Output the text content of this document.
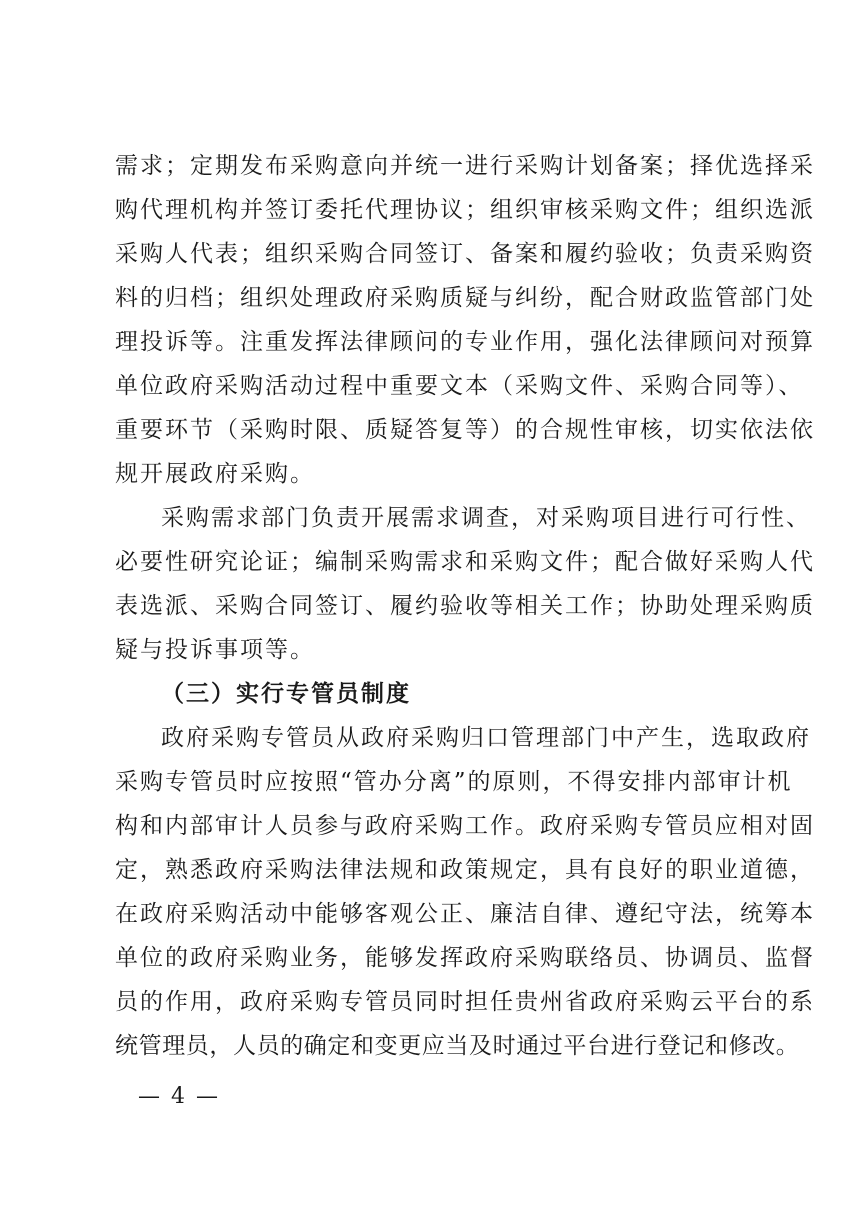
需求；定期发布采购意向并统一进行采购计划备案；择优选择采
购代理机构并签订委托代理协议；组织审核采购文件；组织选派
采购人代表；组织采购合同签订、备案和履约验收；负责采购资
料的归档；组织处理政府采购质疑与纠纷，配合财政监管部门处
理投诉等。注重发挥法律顾问的专业作用，强化法律顾问对预算
单位政府采购活动过程中重要文本（采购文件、采购合同等）、
重要环节（采购时限、质疑答复等）的合规性审核，切实依法依
规开展政府采购。
采购需求部门负责开展需求调查，对采购项目进行可行性、
必要性研究论证；编制采购需求和采购文件；配合做好采购人代
表选派、采购合同签订、履约验收等相关工作；协助处理采购质
疑与投诉事项等。
（三）实行专管员制度
政府采购专管员从政府采购归口管理部门中产生，选取政府
采购专管员时应按照“管办分离”的原则，不得安排内部审计机
构和内部审计人员参与政府采购工作。政府采购专管员应相对固
定，熟悉政府采购法律法规和政策规定，具有良好的职业道德，
在政府采购活动中能够客观公正、廉洁自律、遵纪守法，统筹本
单位的政府采购业务，能够发挥政府采购联络员、协调员、监督
员的作用，政府采购专管员同时担任贵州省政府采购云平台的系
统管理员，人员的确定和变更应当及时通过平台进行登记和修改。
— 4 —
